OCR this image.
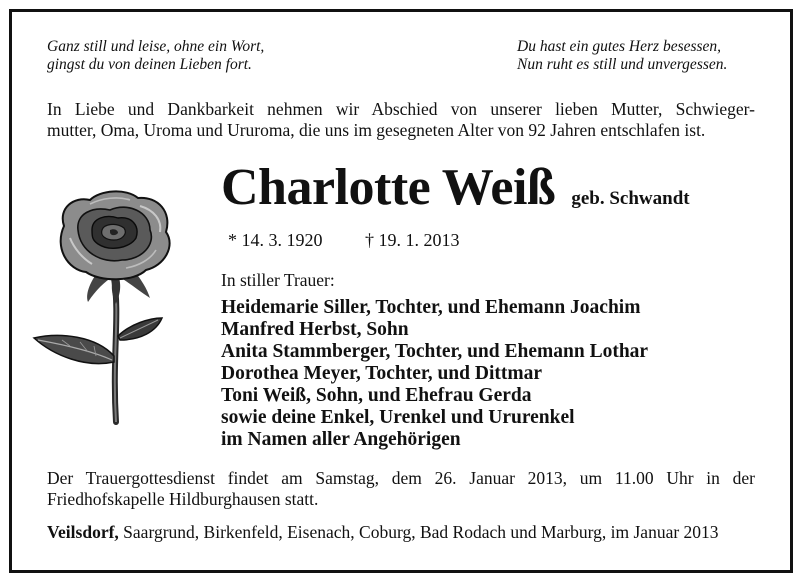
Ganz still und leise, ohne ein Wort,
gingst du von deinen Lieben fort.
Du hast ein gutes Herz besessen,
Nun ruht es still und unvergessen.
In Liebe und Dankbarkeit nehmen wir Abschied von unserer lieben Mutter, Schwieger-
mutter, Oma, Uroma und Ururoma, die uns im gesegneten Alter von 92 Jahren entschlafen ist.
Charlotte Weiß geb. Schwandt
* 14. 3. 1920 † 19. 1. 2013
In stiller Trauer:
Heidemarie Siller, Tochter, und Ehemann Joachim
Manfred Herbst, Sohn
Anita Stammberger, Tochter, und Ehemann Lothar
Dorothea Meyer, Tochter, und Dittmar
Toni Weiß, Sohn, und Ehefrau Gerda
sowie deine Enkel, Urenkel und Ururenkel
im Namen aller Angehörigen
Der Trauergottesdienst findet am Samstag, dem 26. Januar 2013, um 11.00 Uhr in der
Friedhofskapelle Hildburghausen statt.
Veilsdorf, Saargrund, Birkenfeld, Eisenach, Coburg, Bad Rodach und Marburg, im Januar 2013
